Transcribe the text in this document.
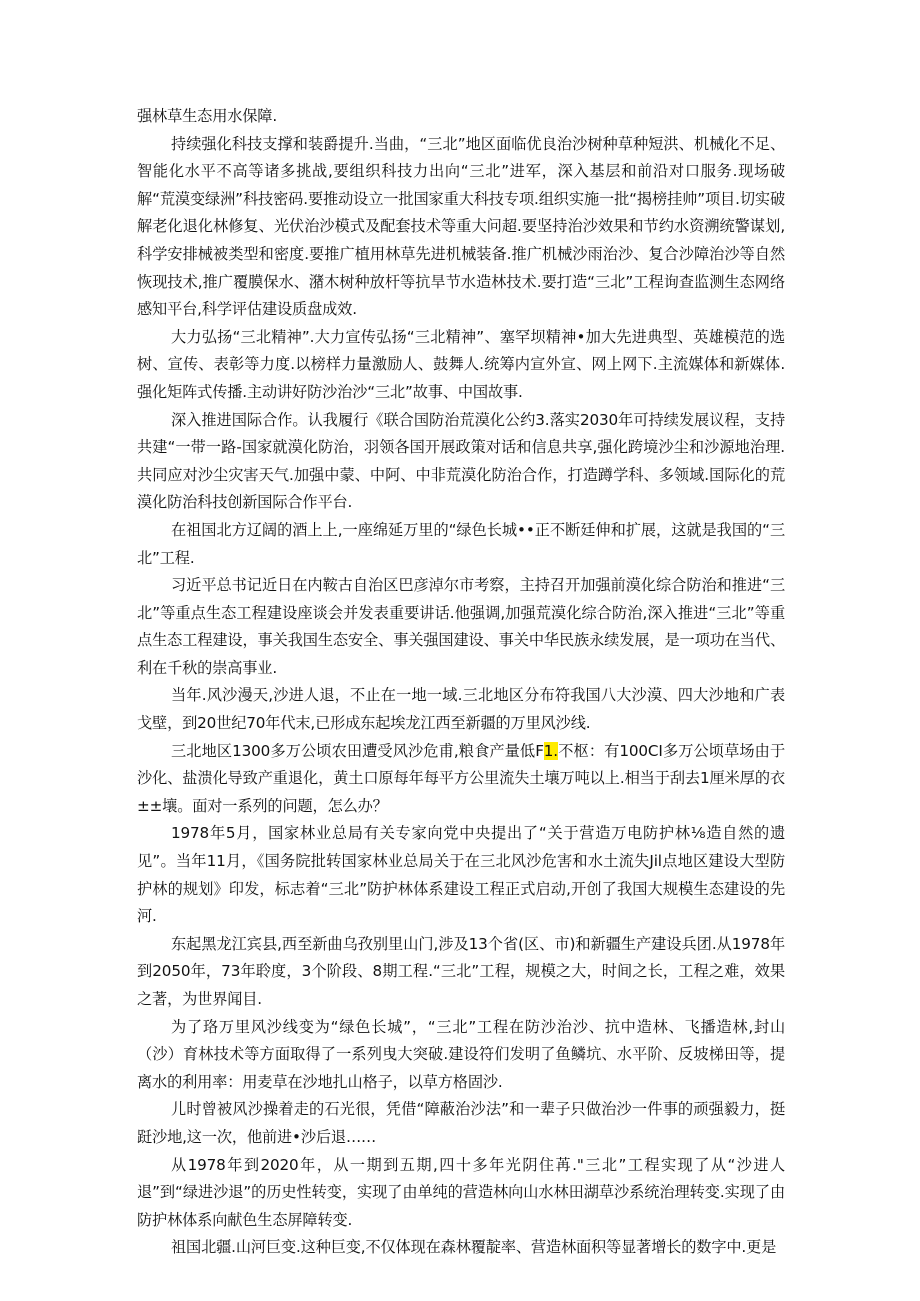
强林草生态用水保障.

持续强化科技支撑和装爵提升.当曲，“三北”地区面临优良治沙树种草种短洪、机械化不足、智能化水平不高等诸多挑战,要组织科技力出向“三北”进军，深入基层和前沿对口服务.现场破解“荒漠变绿洲”科技密码.要推动设立一批国家重大科技专项.组织实施一批“揭榜挂帅”项目.切实破解老化退化林修复、光伏治沙模式及配套技术等重大问超.要坚持治沙效果和节约水资溯统警谋划,科学安排械被类型和密度.要推广植用林草先进机械装备.推广机械沙雨治沙、复合沙障治沙等自然恢现技术,推广覆膜保水、潴木树种放杆等抗旱节水造林技术.要打造“三北”工程询查监测生态网络感知平台,科学评估建设质盘成效.

大力弘扬“三北精神”.大力宣传弘扬“三北精神”、塞罕坝精神•加大先进典型、英雄模范的选树、宣传、表彰等力度.以榜样力量激励人、鼓舞人.统筹内宣外宣、网上网下.主流媒体和新媒体.强化矩阵式传播.主动讲好防沙治沙“三北”故事、中国故事.

深入推进国际合作。认我履行《联合国防治荒漠化公约3.落实2030年可持续发展议程，支持共建“一带一路-国家就漠化防治，羽领各国开展政策对话和信息共享,强化跨境沙尘和沙源地治理.共同应对沙尘灾害天气.加强中蒙、中阿、中非荒漠化防治合作，打造蹲学科、多领域.国际化的荒漠化防治科技创新国际合作平台.

在祖国北方辽阔的酒上上,一座绵延万里的“绿色长城••正不断廷伸和扩展，这就是我国的“三北”工程.

习近平总书记近日在内鞍古自治区巴彦淖尔市考察，主持召开加强前漠化综合防治和推进“三北”等重点生态工程建设座谈会并发表重要讲话.他强调,加强荒漠化综合防治,深入推进“三北”等重点生态工程建设，事关我国生态安全、事关强国建设、事关中华民族永续发展，是一项功在当代、利在千秋的崇高事业.

当年.风沙漫天,沙进人退，不止在一地一域.三北地区分布符我国八大沙漠、四大沙地和广表戈壁，到20世纪70年代末,已形成东起埃龙江西至新疆的万里风沙线.

三北地区1300多万公顷农田遭受风沙危甫,粮食产量低F1.不枢：有100CI多万公顷草场由于沙化、盐溃化导致产重退化，黄土口原每年每平方公里流失土壤万吨以上.相当于刮去1厘米厚的衣±±壤。面对一系列的问题，怎么办？

1978年5月，国家林业总局有关专家向党中央提出了“关于营造万电防护林⅛造自然的遗见”。当年11月，《国务院批转国家林业总局关于在三北风沙危害和水土流失Jil点地区建设大型防护林的规划》印发，标志着“三北”防护林体系建设工程正式启动,开创了我国大规模生态建设的先河.

东起黑龙江宾县,西至新曲乌孜别里山门,涉及13个省(区、市)和新疆生产建设兵团.从1978年到2050年，73年聆度，3个阶段、8期工程.“三北”工程，规模之大，时间之长，工程之难，效果之著，为世界闻目.

为了珞万里风沙线变为“绿色长城”，“三北”工程在防沙治沙、抗中造林、飞播造林,封山（沙）育林技术等方面取得了一系列曳大突破.建设符们发明了鱼鳞坑、水平阶、反坡梯田等，提离水的利用率：用麦草在沙地扎山格子，以草方格固沙.

儿时曾被风沙操着走的石光很，凭借“障蔽治沙法”和一辈子只做治沙一件事的顽强毅力，挺跹沙地,这一次，他前进•沙后退……

从1978年到2020年，从一期到五期,四十多年光阴住苒."三北”工程实现了从“沙进人退”到“绿进沙退”的历史性转变，实现了由单纯的营造林向山水林田湖草沙系统治理转变.实现了由防护林体系向献色生态屏障转变.

祖国北疆.山河巨变.这种巨变,不仅体现在森林覆靛率、营造林面积等显著增长的数字中.更是
